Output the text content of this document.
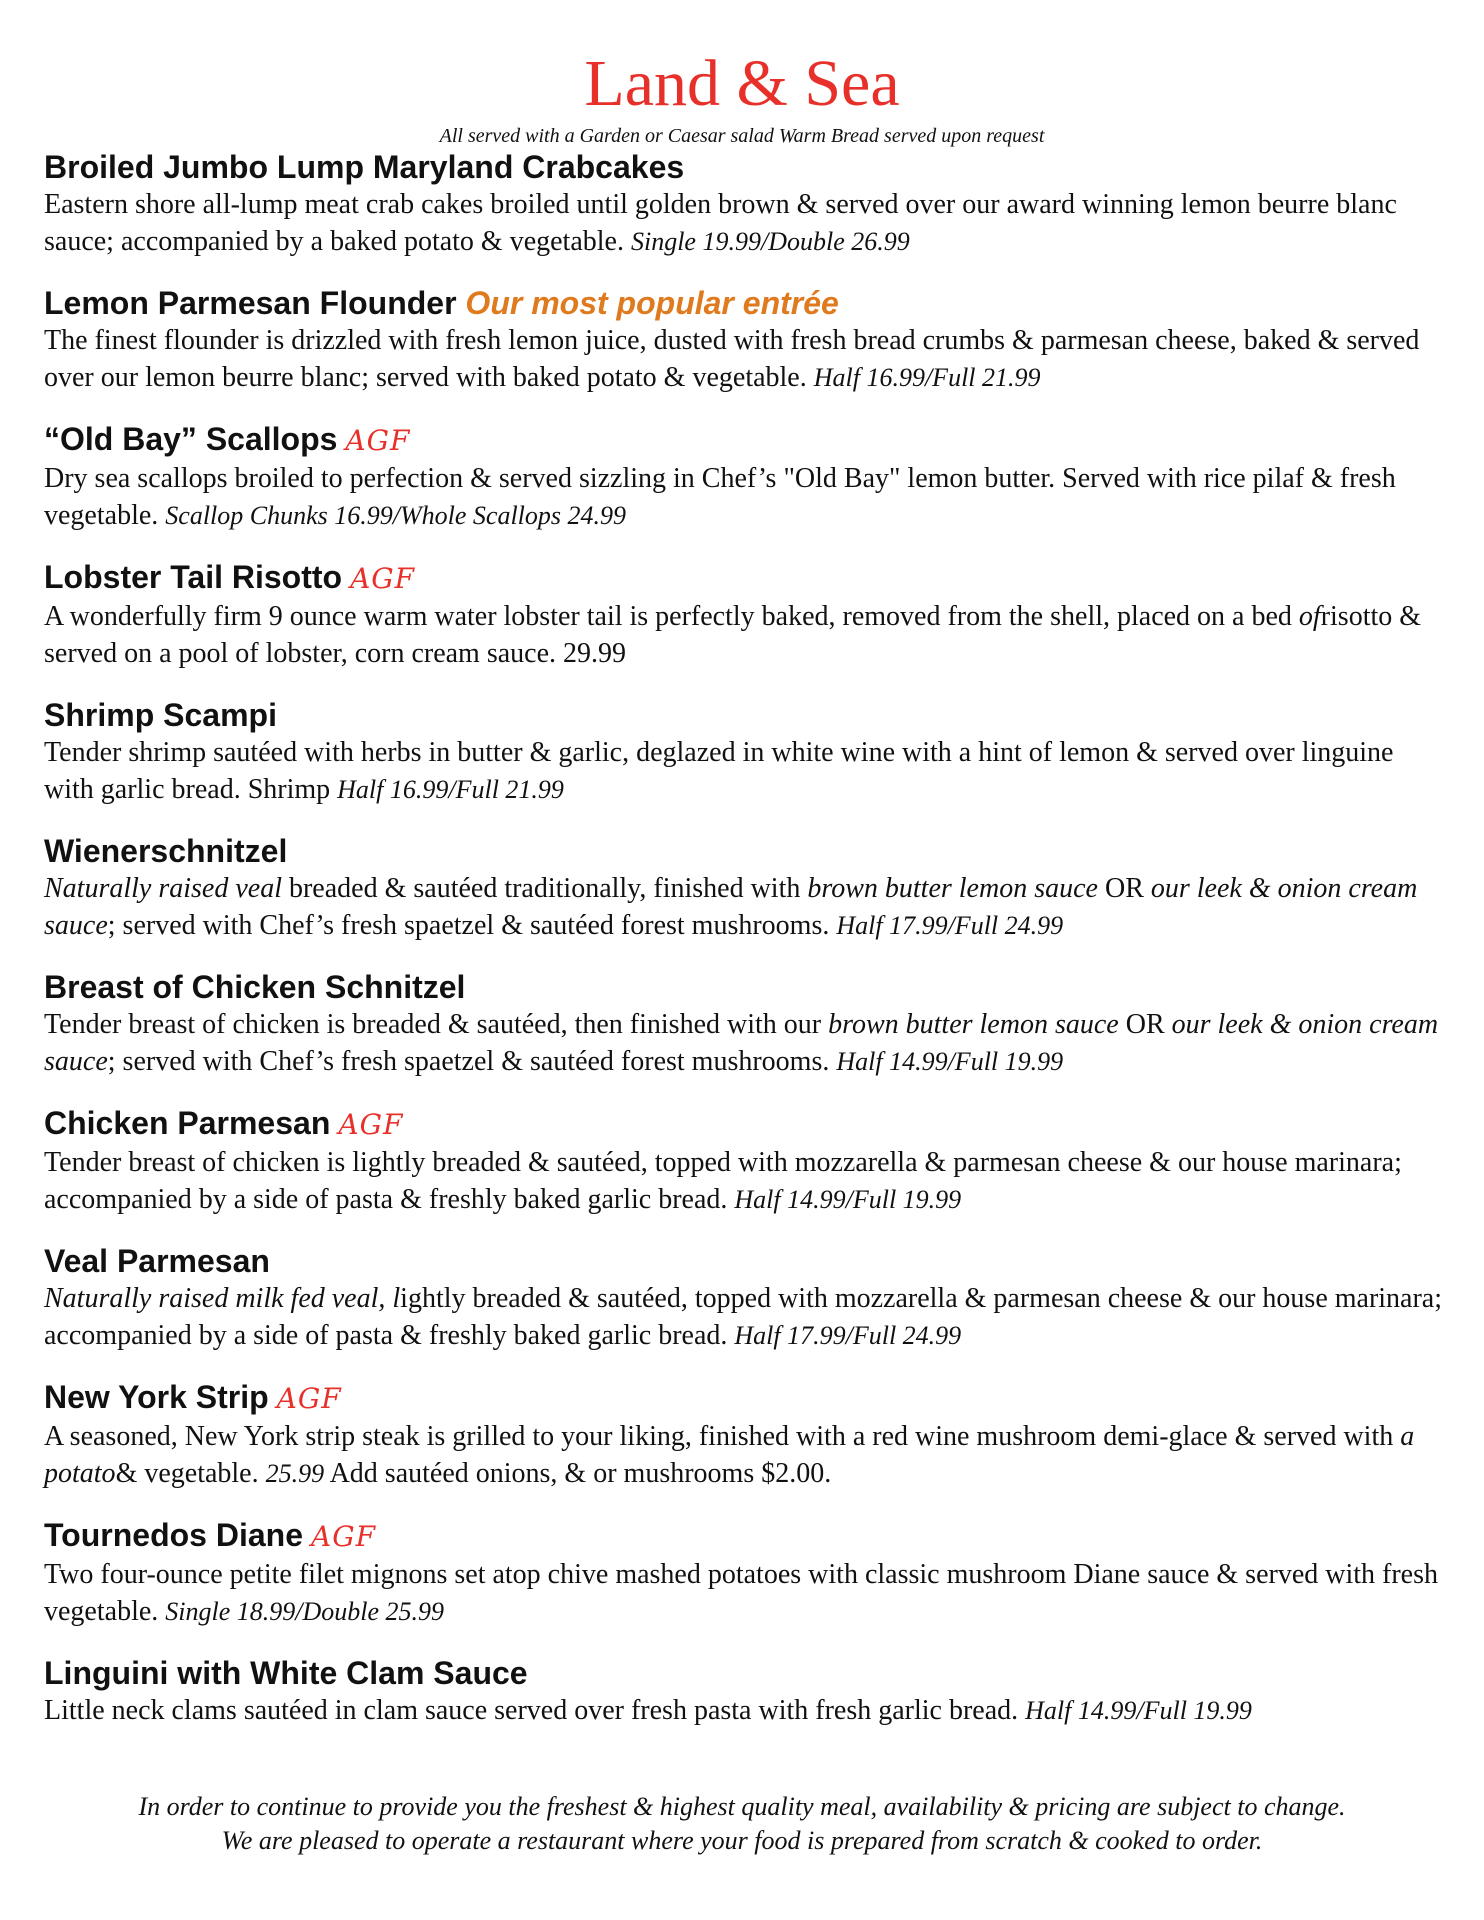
Land & Sea
All served with a Garden or Caesar salad Warm Bread served upon request
Broiled Jumbo Lump Maryland Crabcakes
Eastern shore all-lump meat crab cakes broiled until golden brown & served over our award winning lemon beurre blanc sauce; accompanied by a baked potato & vegetable. Single 19.99/Double 26.99
Lemon Parmesan Flounder Our most popular entrée
The finest flounder is drizzled with fresh lemon juice, dusted with fresh bread crumbs & parmesan cheese, baked & served over our lemon beurre blanc; served with baked potato & vegetable. Half 16.99/Full 21.99
“Old Bay” Scallops AGF
Dry sea scallops broiled to perfection & served sizzling in Chef’s "Old Bay" lemon butter. Served with rice pilaf & fresh vegetable. Scallop Chunks 16.99/Whole Scallops 24.99
Lobster Tail Risotto AGF
A wonderfully firm 9 ounce warm water lobster tail is perfectly baked, removed from the shell, placed on a bed ofrisotto & served on a pool of lobster, corn cream sauce. 29.99
Shrimp Scampi
Tender shrimp sautéed with herbs in butter & garlic, deglazed in white wine with a hint of lemon & served over linguine with garlic bread. Shrimp Half 16.99/Full 21.99
Wienerschnitzel
Naturally raised veal breaded & sautéed traditionally, finished with brown butter lemon sauce OR our leek & onion cream sauce; served with Chef’s fresh spaetzel & sautéed forest mushrooms. Half 17.99/Full 24.99
Breast of Chicken Schnitzel
Tender breast of chicken is breaded & sautéed, then finished with our brown butter lemon sauce OR our leek & onion cream sauce; served with Chef’s fresh spaetzel & sautéed forest mushrooms. Half 14.99/Full 19.99
Chicken Parmesan AGF
Tender breast of chicken is lightly breaded & sautéed, topped with mozzarella & parmesan cheese & our house marinara; accompanied by a side of pasta & freshly baked garlic bread. Half 14.99/Full 19.99
Veal Parmesan
Naturally raised milk fed veal, lightly breaded & sautéed, topped with mozzarella & parmesan cheese & our house marinara; accompanied by a side of pasta & freshly baked garlic bread. Half 17.99/Full 24.99
New York Strip AGF
A seasoned, New York strip steak is grilled to your liking, finished with a red wine mushroom demi-glace & served with a potato& vegetable. 25.99 Add sautéed onions, & or mushrooms $2.00.
Tournedos Diane AGF
Two four-ounce petite filet mignons set atop chive mashed potatoes with classic mushroom Diane sauce & served with fresh vegetable. Single 18.99/Double 25.99
Linguini with White Clam Sauce
Little neck clams sautéed in clam sauce served over fresh pasta with fresh garlic bread. Half 14.99/Full 19.99
In order to continue to provide you the freshest & highest quality meal, availability & pricing are subject to change.
We are pleased to operate a restaurant where your food is prepared from scratch & cooked to order.
